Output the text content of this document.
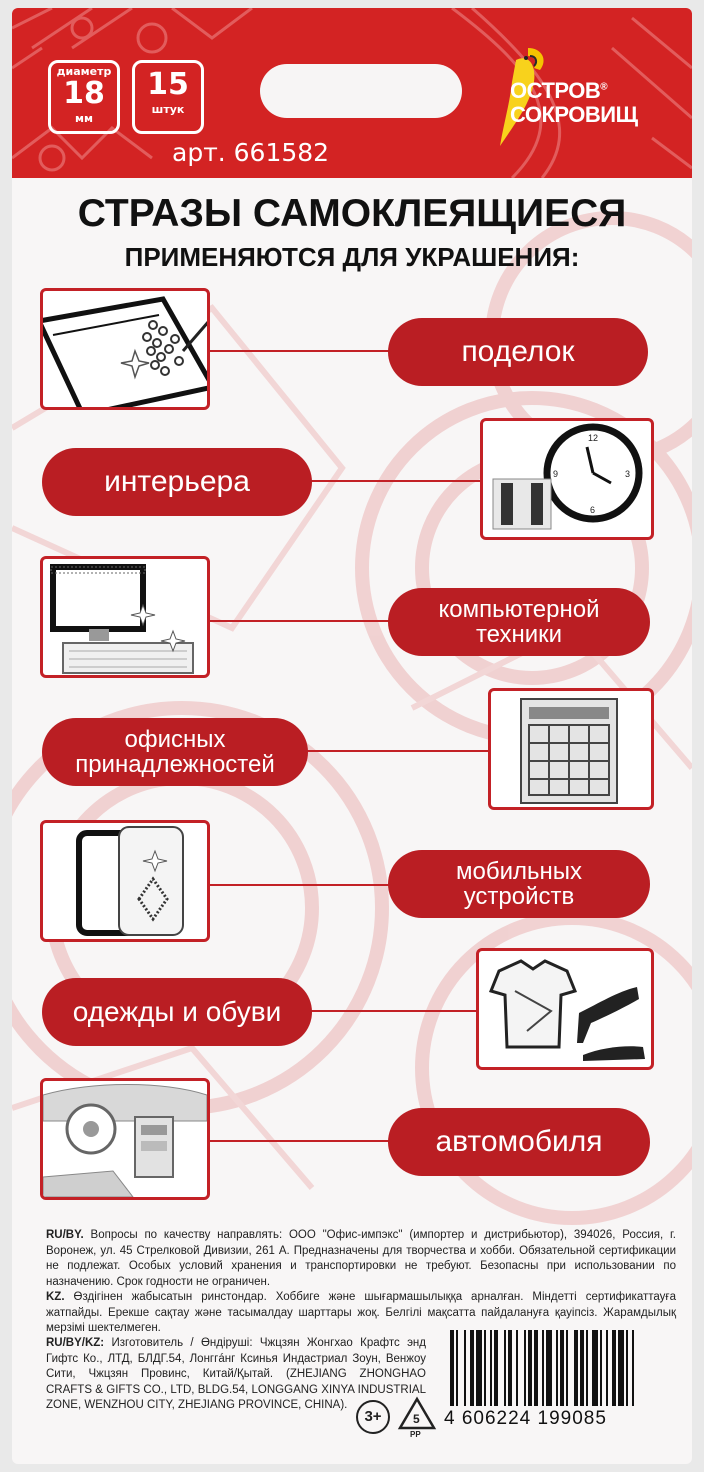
диаметр
18
мм
15
штук
арт. 661582
ОСТРОВ®
СОКРОВИЩ
СТРАЗЫ САМОКЛЕЯЩИЕСЯ
ПРИМЕНЯЮТСЯ ДЛЯ УКРАШЕНИЯ:
поделок
12
3
6
9
интерьера
компьютерной техники
офисных принадлежностей
мобильных устройств
одежды и обуви
автомобиля

RU/BY. Вопросы по качеству направлять: ООО "Офис-импэкс" (импортер и дистрибьютор), 394026, Россия, г. Воронеж, ул. 45 Стрелковой Дивизии, 261 А. Предназначены для творчества и хобби. Обязательной сертификации не подлежат. Особых условий хранения и транспортировки не требуют. Безопасны при использовании по назначению. Срок годности не ограничен.

KZ. Өздігінен жабысатын ринстондар. Хоббиге және шығармашылыққа арналған. Міндетті сертификаттауға жатпайды. Ерекше сақтау және тасымалдау шарттары жоқ. Белгілі мақсатта пайдалануға қауіпсіз. Жарамдылық мерзімі шектелмеген.

RU/BY/KZ: Изготовитель / Өндіруші: Чжцзян Жонгхао Крафтс энд Гифтс Ко., ЛТД, БЛДГ.54, Лонггáнг Ксинья Индастриал Зоун, Венжоу Сити, Чжцзян Провинс, Китай/Қытай. (ZHEJIANG ZHONGHAO CRAFTS & GIFTS CO., LTD, BLDG.54, LONGGANG XINYA INDUSTRIAL ZONE, WENZHOU CITY, ZHEJIANG PROVINCE, CHINA).
3+	5
PP
4 606224 199085
